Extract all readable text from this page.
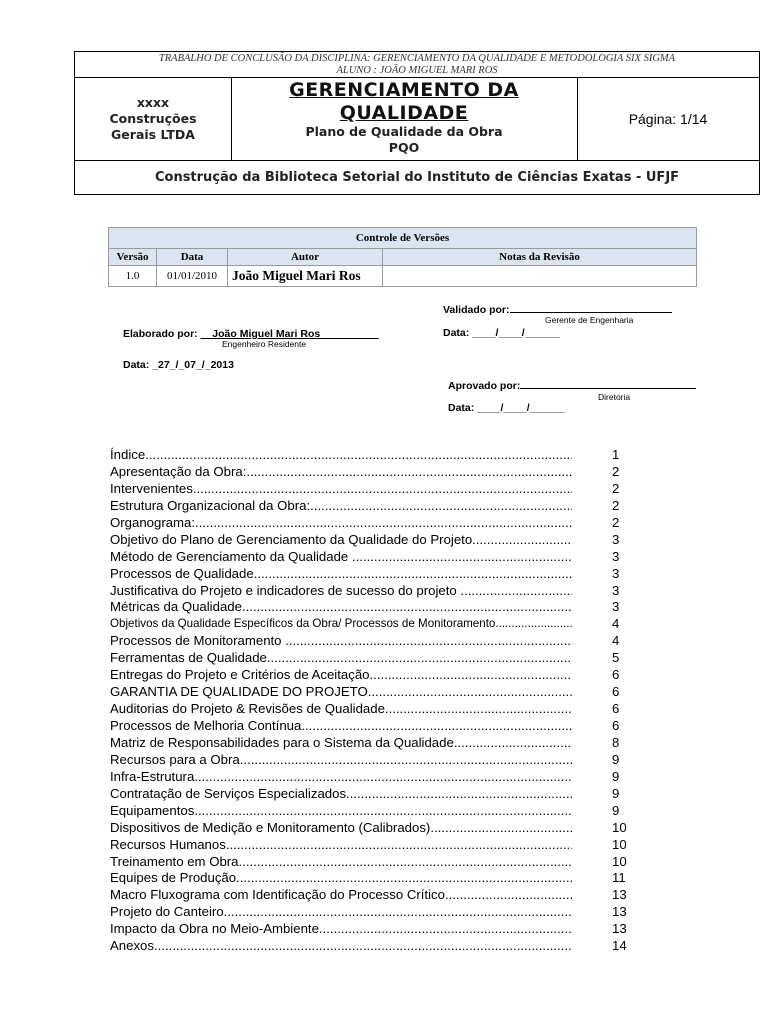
TRABALHO DE CONCLUSÃO DA DISCIPLINA: GERENCIAMENTO DA QUALIDADE E METODOLOGIA SIX SIGMA
ALUNO : JOÃO MIGUEL MARI ROS
xxxx
Construções
Gerais LTDA
GERENCIAMENTO DA
QUALIDADE
Plano de Qualidade da Obra
PQO
Página: 1/14
Construção da Biblioteca Setorial do Instituto de Ciências Exatas - UFJF
Controle de Versões			
Versão	Data	Autor	Notas da Revisão
1.0	01/01/2010	João Miguel Mari Ros	
Validado por:
Gerente de Engenharia
Data: ____/____/______
Elaborado por: __João Miguel Mari Ros__________
Engenheiro Residente
Data: _27_/_07_/_2013
Aprovado por:
Diretoria
Data: ____/____/______
Índice .....	1
Apresentação da Obra: .....	2
Intervenientes .....	2
Estrutura Organizacional da Obra: .....	2
Organograma: .....	2
Objetivo do Plano de Gerenciamento da Qualidade do Projeto.. .....	3
Método de Gerenciamento da Qualidade .....	3
Processos de Qualidade .....	3
Justificativa do Projeto e indicadores de sucesso do projeto .....	3
Métricas da Qualidade .....	3
Objetivos da Qualidade Específicos da Obra/ Processos de Monitoramento .....	4
Processos de Monitoramento .....	4
Ferramentas de Qualidade .....	5
Entregas do Projeto e Critérios de Aceitação .....	6
GARANTIA DE QUALIDADE DO PROJETO .....	6
Auditorias do Projeto & Revisões de Qualidade .....	6
Processos de Melhoria Contínua .....	6
Matriz de Responsabilidades para o Sistema da Qualidade .....	8
Recursos para a Obra .....	9
Infra-Estrutura .....	9
Contratação de Serviços Especializados .....	9
Equipamentos .....	9
Dispositivos de Medição e Monitoramento (Calibrados) .....	10
Recursos Humanos .....	10
Treinamento em Obra .....	10
Equipes de Produção .....	11
Macro Fluxograma com Identificação do Processo Crítico .....	13
Projeto do Canteiro .....	13
Impacto da Obra no Meio-Ambiente .....	13
Anexos .....	14
